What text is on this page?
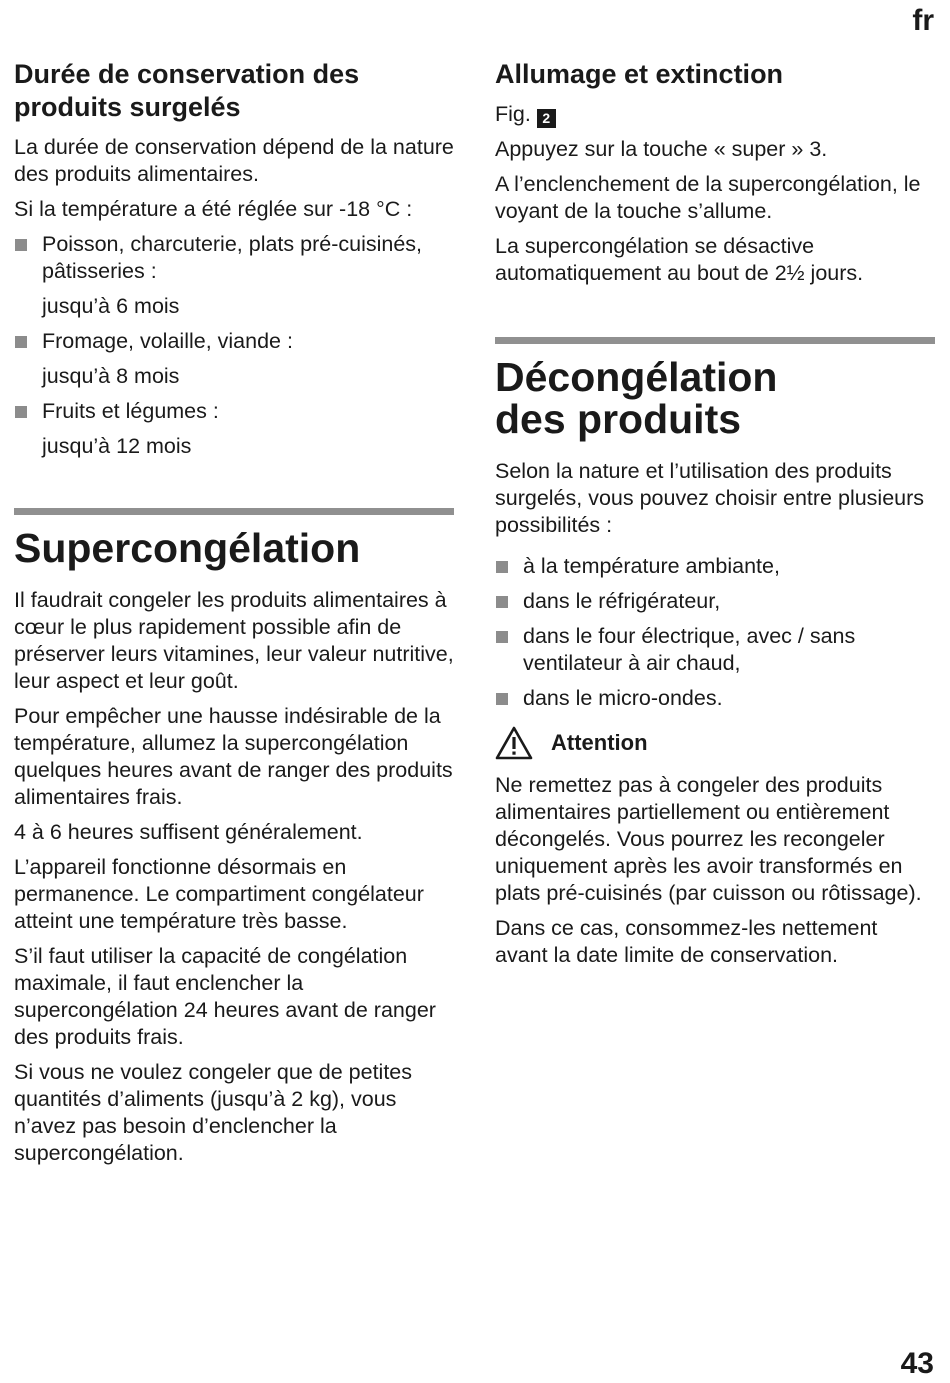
fr
Durée de conservation des produits surgelés

La durée de conservation dépend de la nature des produits alimentaires.

Si la température a été réglée sur -18 °C :

Poisson, charcuterie, plats pré-cuisinés, pâtisseries :
jusqu’à 6 mois
Fromage, volaille, viande :
jusqu’à 8 mois
Fruits et légumes :
jusqu’à 12 mois
Supercongélation

Il faudrait congeler les produits alimentaires à cœur le plus rapidement possible afin de préserver leurs vitamines, leur valeur nutritive, leur aspect et leur goût.

Pour empêcher une hausse indésirable de la température, allumez la supercongélation quelques heures avant de ranger des produits alimentaires frais.

4 à 6 heures suffisent généralement.

L’appareil fonctionne désormais en permanence. Le compartiment congélateur atteint une température très basse.

S’il faut utiliser la capacité de congélation maximale, il faut enclencher la supercongélation 24 heures avant de ranger des produits frais.

Si vous ne voulez congeler que de petites quantités d’aliments (jusqu’à 2 kg), vous n’avez pas besoin d’enclencher la supercongélation.

Allumage et extinction

Fig. 2

Appuyez sur la touche « super » 3.

A l’enclenchement de la supercongélation, le voyant de la touche s’allume.

La supercongélation se désactive automatiquement au bout de 2½ jours.

Décongélation
des produits

Selon la nature et l’utilisation des produits surgelés, vous pouvez choisir entre plusieurs possibilités :

à la température ambiante,
dans le réfrigérateur,
dans le four électrique, avec / sans ventilateur à air chaud,
dans le micro-ondes.
Attention

Ne remettez pas à congeler des produits alimentaires partiellement ou entièrement décongelés. Vous pourrez les recongeler uniquement après les avoir transformés en plats pré-cuisinés (par cuisson ou rôtissage).

Dans ce cas, consommez-les nettement avant la date limite de conservation.

43
